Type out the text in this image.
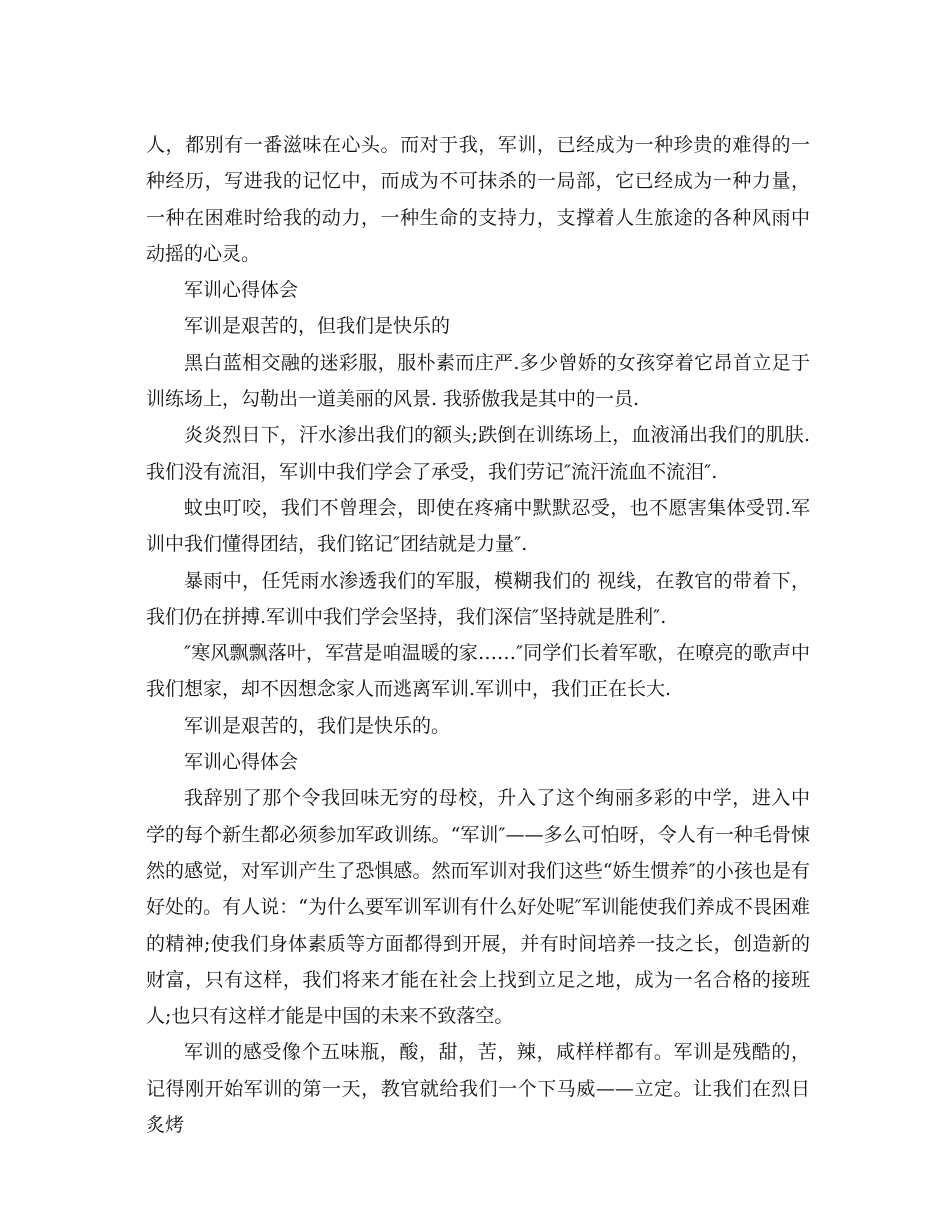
人，都别有一番滋味在心头。而对于我，军训，已经成为一种珍贵的难得的一种经历，写进我的记忆中，而成为不可抹杀的一局部，它已经成为一种力量，一种在困难时给我的动力，一种生命的支持力，支撑着人生旅途的各种风雨中动摇的心灵。

军训心得体会

军训是艰苦的，但我们是快乐的

黑白蓝相交融的迷彩服，服朴素而庄严.多少曾娇的女孩穿着它昂首立足于训练场上，勾勒出一道美丽的风景. 我骄傲我是其中的一员.

炎炎烈日下，汗水渗出我们的额头;跌倒在训练场上，血液涌出我们的肌肤.我们没有流泪，军训中我们学会了承受，我们劳记″流汗流血不流泪″.

蚊虫叮咬，我们不曾理会，即使在疼痛中默默忍受，也不愿害集体受罚.军训中我们懂得团结，我们铭记″团结就是力量″.

暴雨中，任凭雨水渗透我们的军服，模糊我们的 视线，在教官的带着下，我们仍在拼搏.军训中我们学会坚持，我们深信″坚持就是胜利″.

″寒风飘飘落叶，军营是咱温暖的家……″同学们长着军歌，在嘹亮的歌声中我们想家，却不因想念家人而逃离军训.军训中，我们正在长大.

军训是艰苦的，我们是快乐的。

军训心得体会

我辞别了那个令我回味无穷的母校，升入了这个绚丽多彩的中学，进入中学的每个新生都必须参加军政训练。“军训″——多么可怕呀，令人有一种毛骨悚然的感觉，对军训产生了恐惧感。然而军训对我们这些“娇生惯养″的小孩也是有好处的。有人说：“为什么要军训军训有什么好处呢″军训能使我们养成不畏困难的精神;使我们身体素质等方面都得到开展，并有时间培养一技之长，创造新的财富，只有这样，我们将来才能在社会上找到立足之地，成为一名合格的接班人;也只有这样才能是中国的未来不致落空。

军训的感受像个五味瓶，酸，甜，苦，辣，咸样样都有。军训是残酷的，记得刚开始军训的第一天，教官就给我们一个下马威——立定。让我们在烈日炙烤
